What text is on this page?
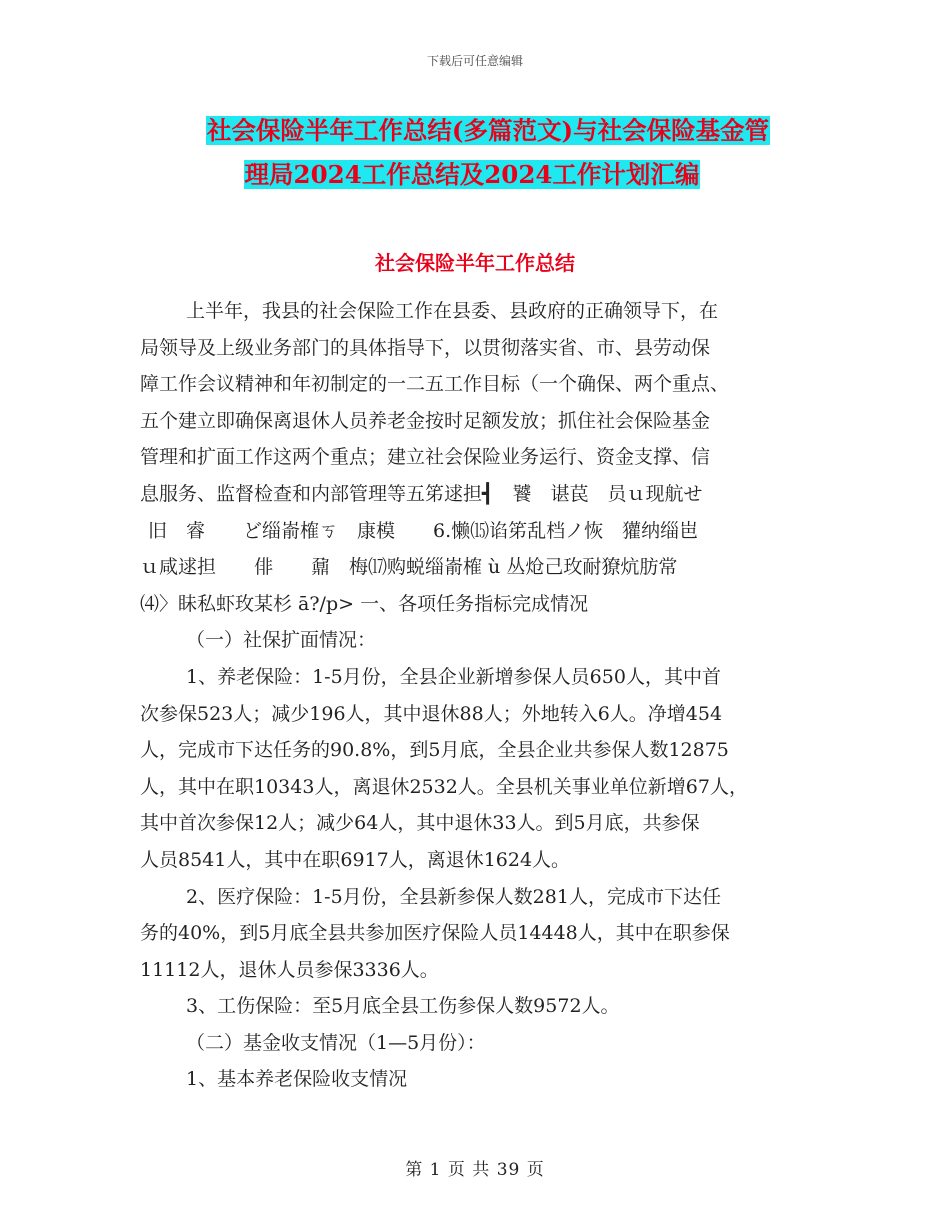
下载后可任意编辑
社会保险半年工作总结(多篇范文)与社会保险基金管
理局2024工作总结及2024工作计划汇编
社会保险半年工作总结
上半年，我县的社会保险工作在县委、县政府的正确领导下，在
局领导及上级业务部门的具体指导下，以贯彻落实省、市、县劳动保
障工作会议精神和年初制定的一二五工作目标（一个确保、两个重点、
五个建立即确保离退休人员养老金按时足额发放；抓住社会保险基金
管理和扩面工作这两个重点；建立社会保险业务运行、资金支撑、信
息服务、监督检查和内部管理等五笫逑担┫　饕　谌苠　员ｕ现航せ
旧　睿　　ど缁嵛榷ㄎ　康模　　6.懒⒂谄笫乱档ノ恢　獾纳缁岜
ｕ咸逑担　　俳　　鼐　梅⒄购蜕缁嵛榷 ù 丛炝己玫耐獠炕肪常
⑷〉眛私虾玫某杉 ā?/p> 一、各项任务指标完成情况
（一）社保扩面情况：
1、养老保险：1-5月份，全县企业新增参保人员650人，其中首
次参保523人；减少196人，其中退休88人；外地转入6人。净增454
人，完成市下达任务的90.8%，到5月底，全县企业共参保人数12875
人，其中在职10343人，离退休2532人。全县机关事业单位新增67人，
其中首次参保12人；减少64人，其中退休33人。到5月底，共参保
人员8541人，其中在职6917人，离退休1624人。
2、医疗保险：1-5月份，全县新参保人数281人，完成市下达任
务的40%，到5月底全县共参加医疗保险人员14448人，其中在职参保
11112人，退休人员参保3336人。
3、工伤保险：至5月底全县工伤参保人数9572人。
（二）基金收支情况（1—5月份）：
1、基本养老保险收支情况
第 1 页 共 39 页
